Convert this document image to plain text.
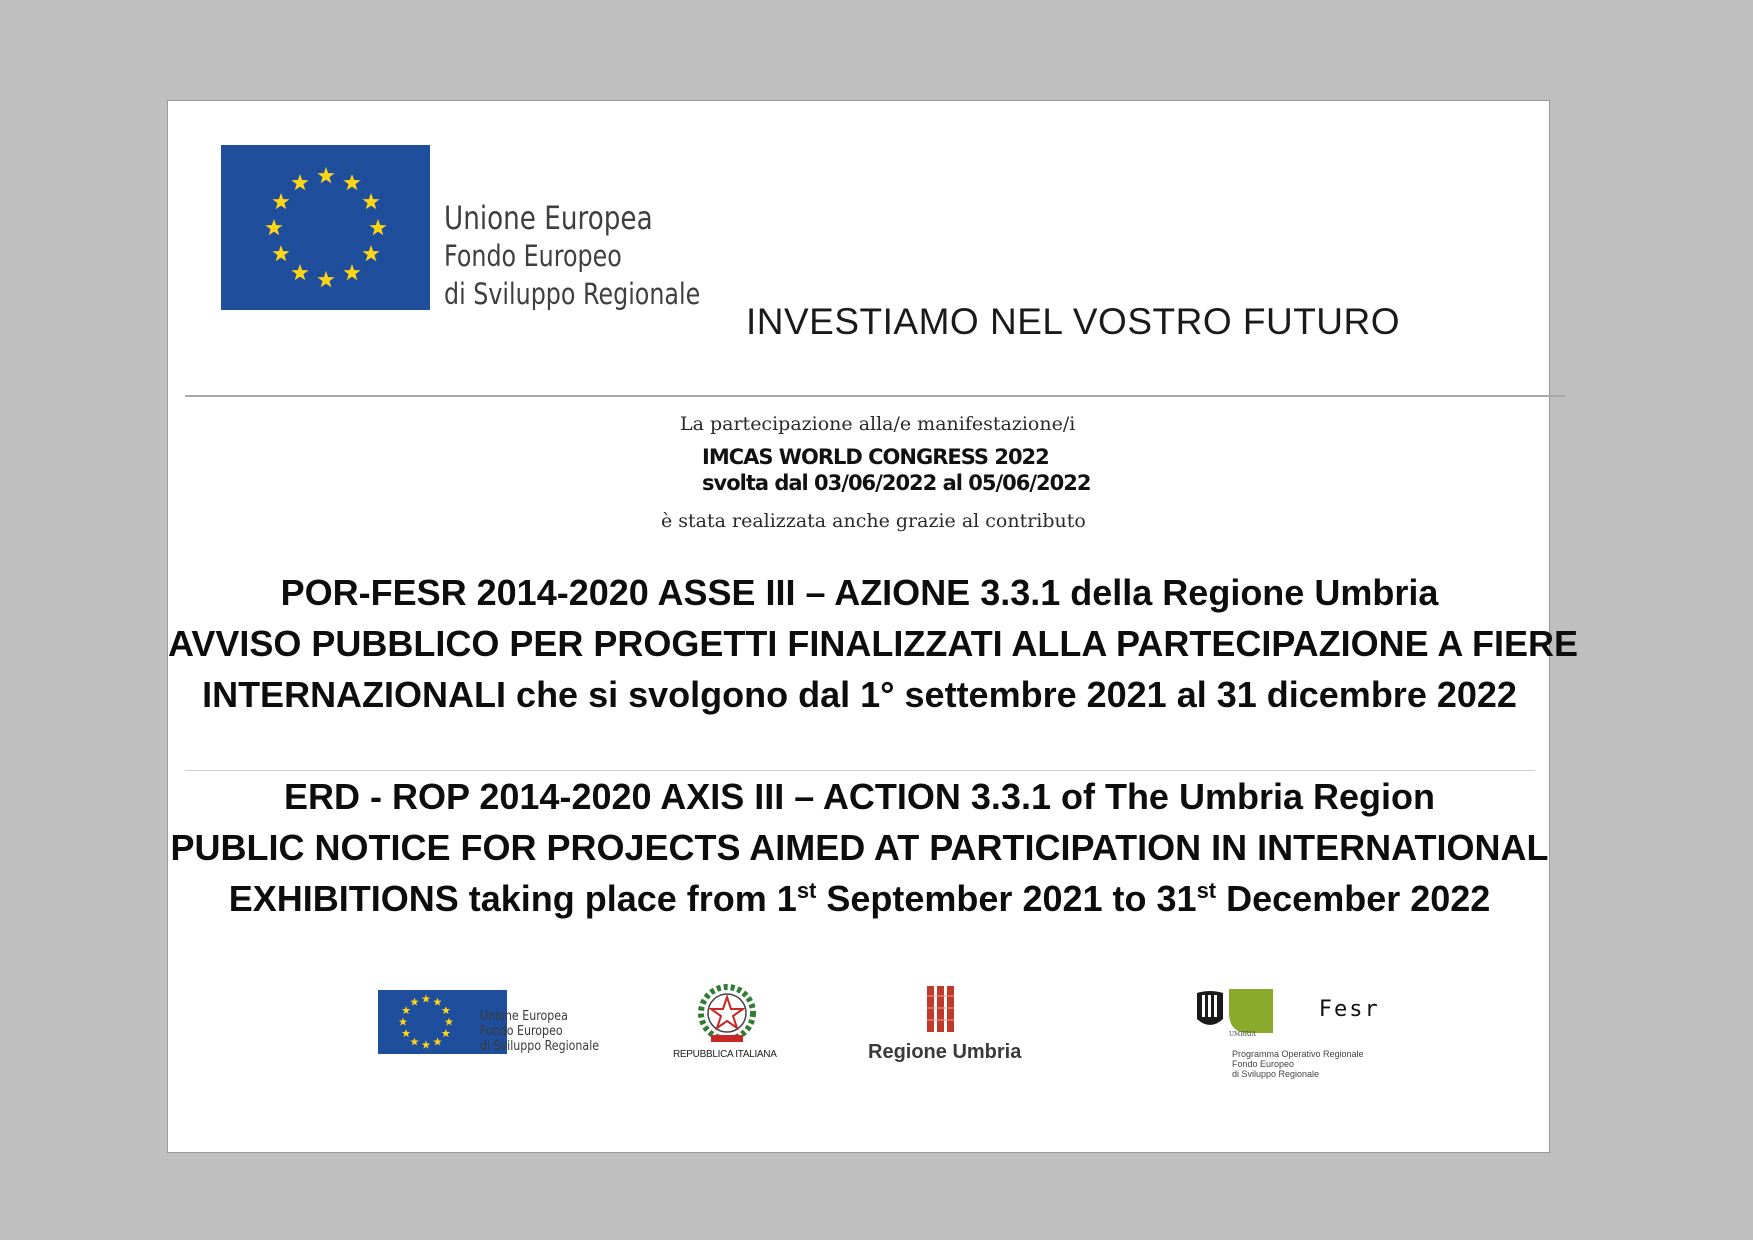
Unione Europea
Fondo Europeo
di Sviluppo Regionale
INVESTIAMO NEL VOSTRO FUTURO
La partecipazione alla/e manifestazione/i
IMCAS WORLD CONGRESS 2022
svolta dal 03/06/2022 al 05/06/2022
è stata realizzata anche grazie al contributo
POR-FESR 2014-2020 ASSE III – AZIONE 3.3.1 della Regione Umbria
AVVISO PUBBLICO PER PROGETTI FINALIZZATI ALLA PARTECIPAZIONE A FIERE
INTERNAZIONALI che si svolgono dal 1° settembre 2021 al 31 dicembre 2022
ERD - ROP 2014-2020 AXIS III – ACTION 3.3.1 of The Umbria Region
PUBLIC NOTICE FOR PROJECTS AIMED AT PARTICIPATION IN INTERNATIONAL
EXHIBITIONS taking place from 1st September 2021 to 31st December 2022
Unione Europea
Fondo Europeo
di Sviluppo Regionale
REPUBBLICA ITALIANA	Regione Umbria
porFesr
UMBRIA
Programma Operativo Regionale
Fondo Europeo
di Sviluppo Regionale
